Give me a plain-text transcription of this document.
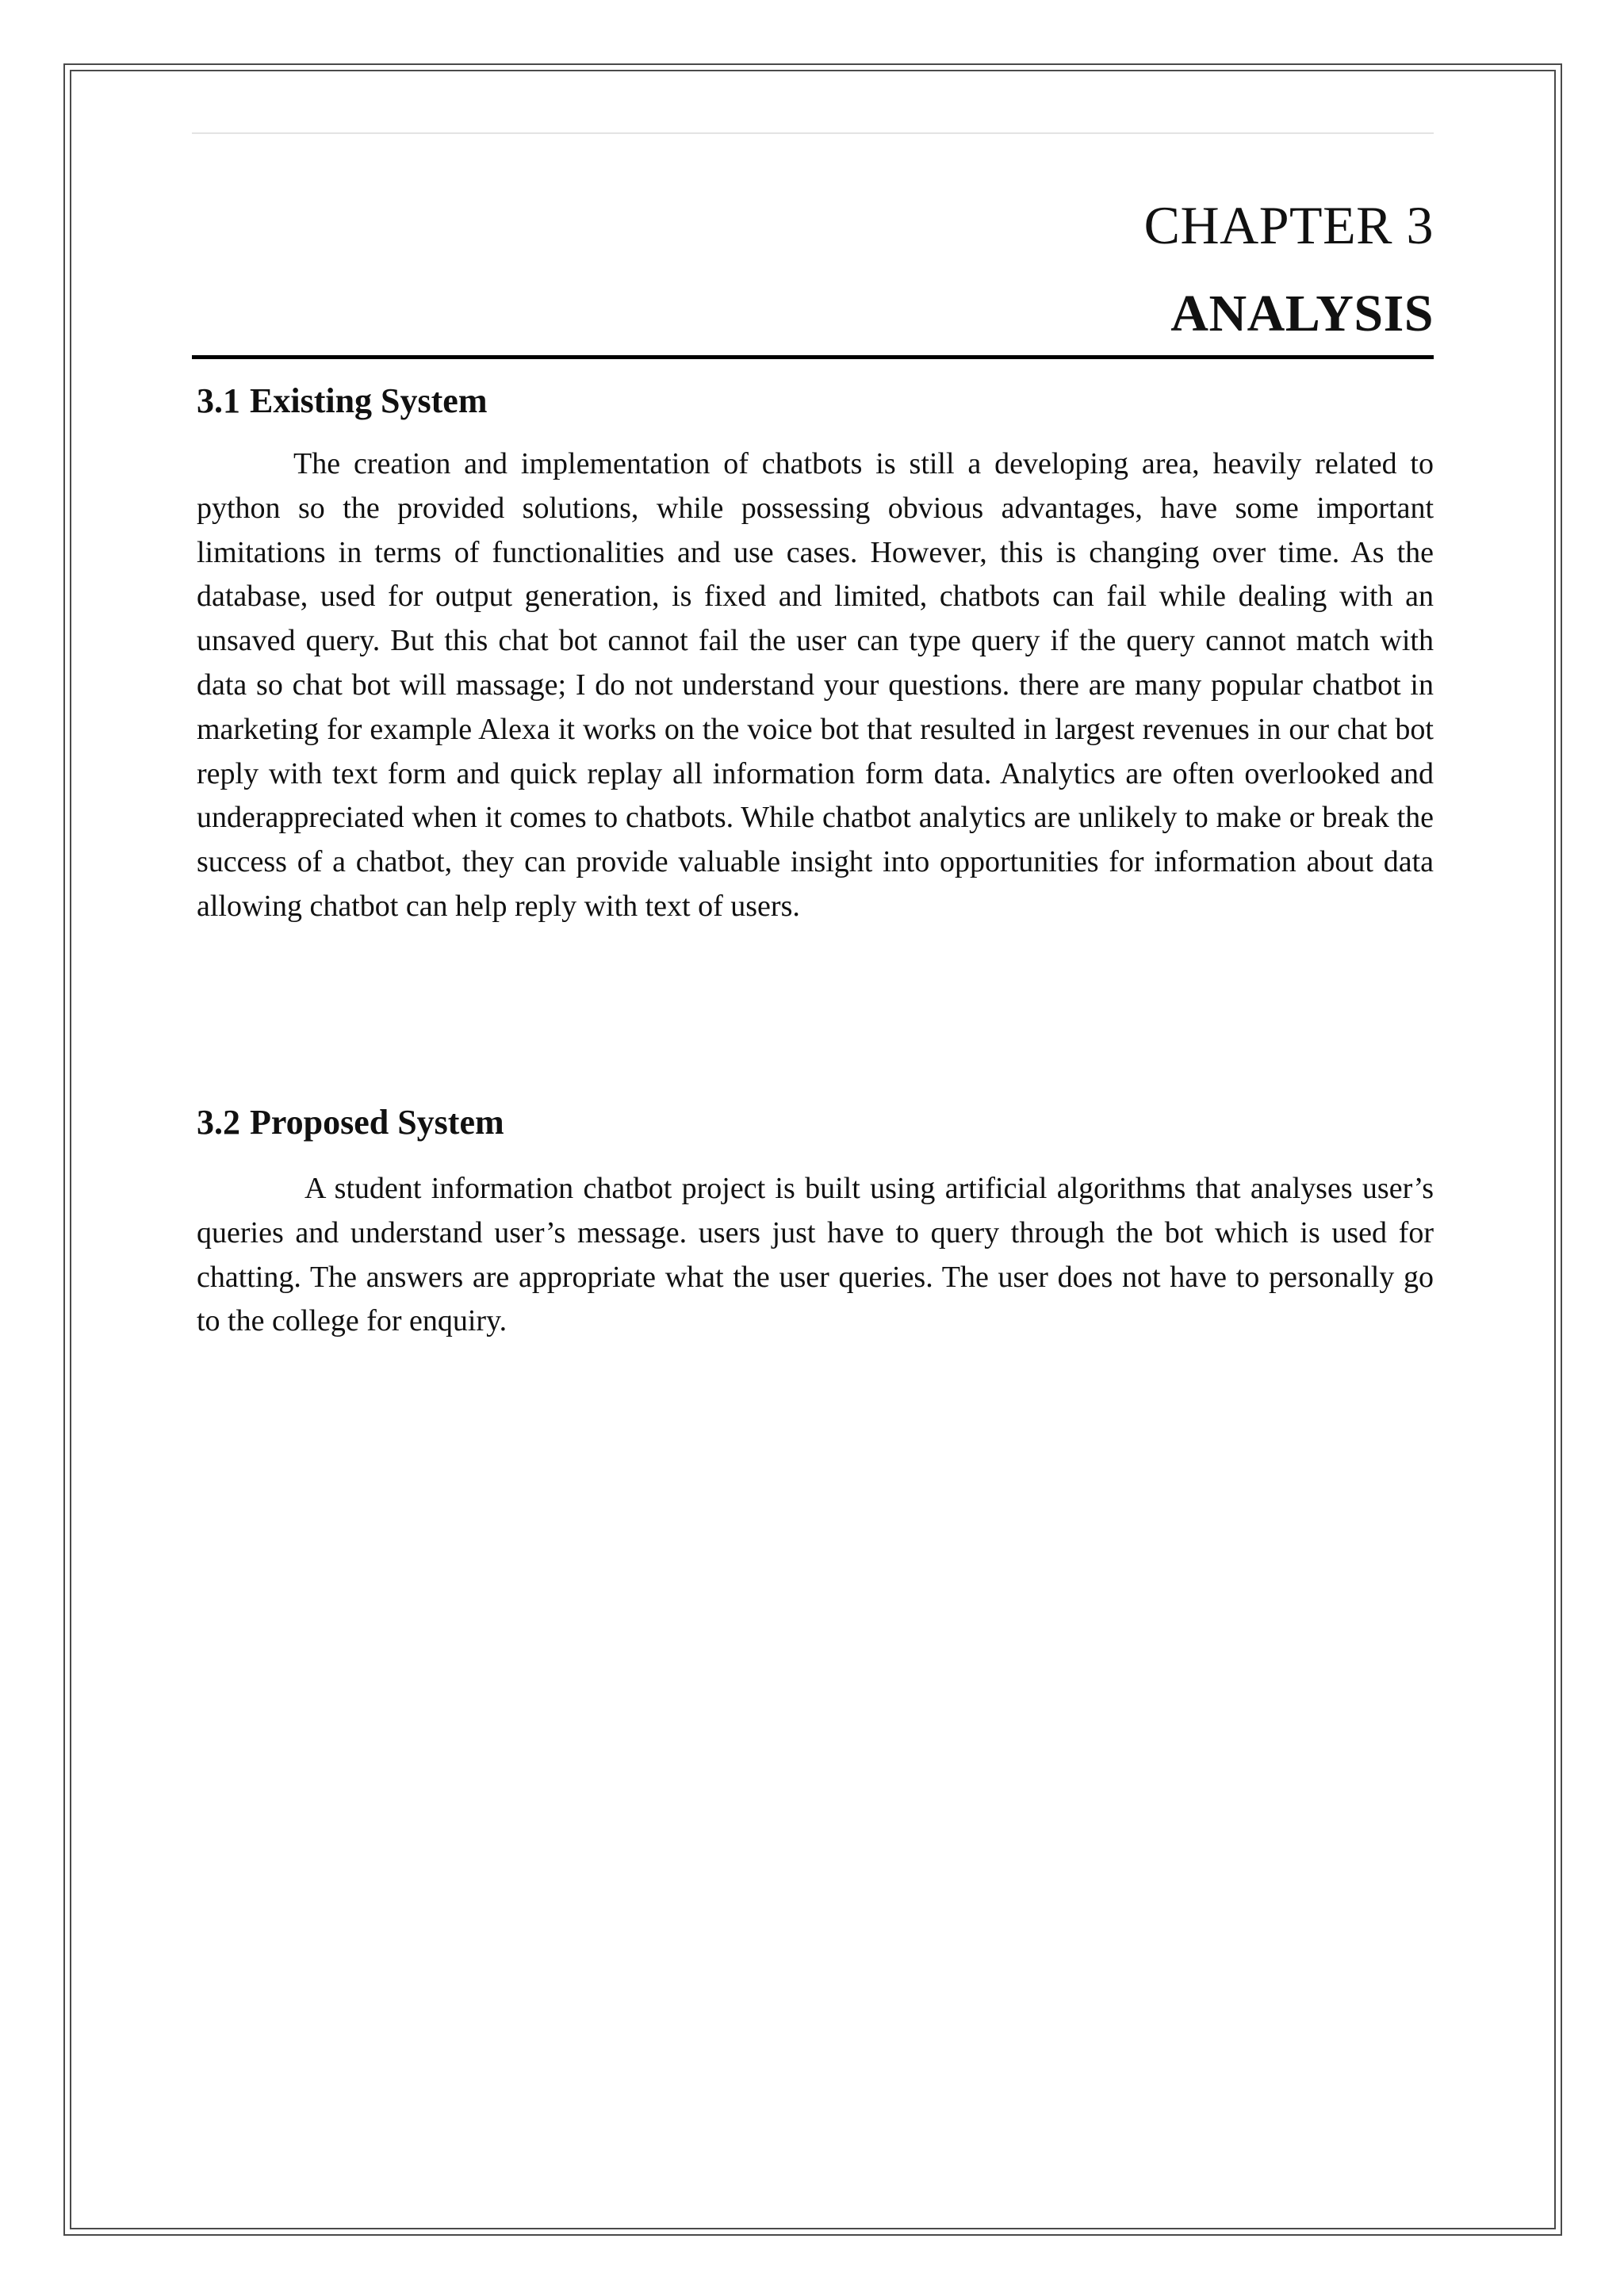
CHAPTER 3
ANALYSIS
3.1 Existing System

The creation and implementation of chatbots is still a developing area, heavily related to python so the provided solutions, while possessing obvious advantages, have some important limitations in terms of functionalities and use cases. However, this is changing over time. As the database, used for output generation, is fixed and limited, chatbots can fail while dealing with an unsaved query. But this chat bot cannot fail the user can type query if the query cannot match with data so chat bot will massage; I do not understand your questions. there are many popular chatbot in marketing for example Alexa it works on the voice bot that resulted in largest revenues in our chat bot reply with text form and quick replay all information form data. Analytics are often overlooked and underappreciated when it comes to chatbots. While chatbot analytics are unlikely to make or break the success of a chatbot, they can provide valuable insight into opportunities for information about data allowing chatbot can help reply with text of users.

3.2 Proposed System

A student information chatbot project is built using artificial algorithms that analyses user’s queries and understand user’s message. users just have to query through the bot which is used for chatting. The answers are appropriate what the user queries. The user does not have to personally go to the college for enquiry.
